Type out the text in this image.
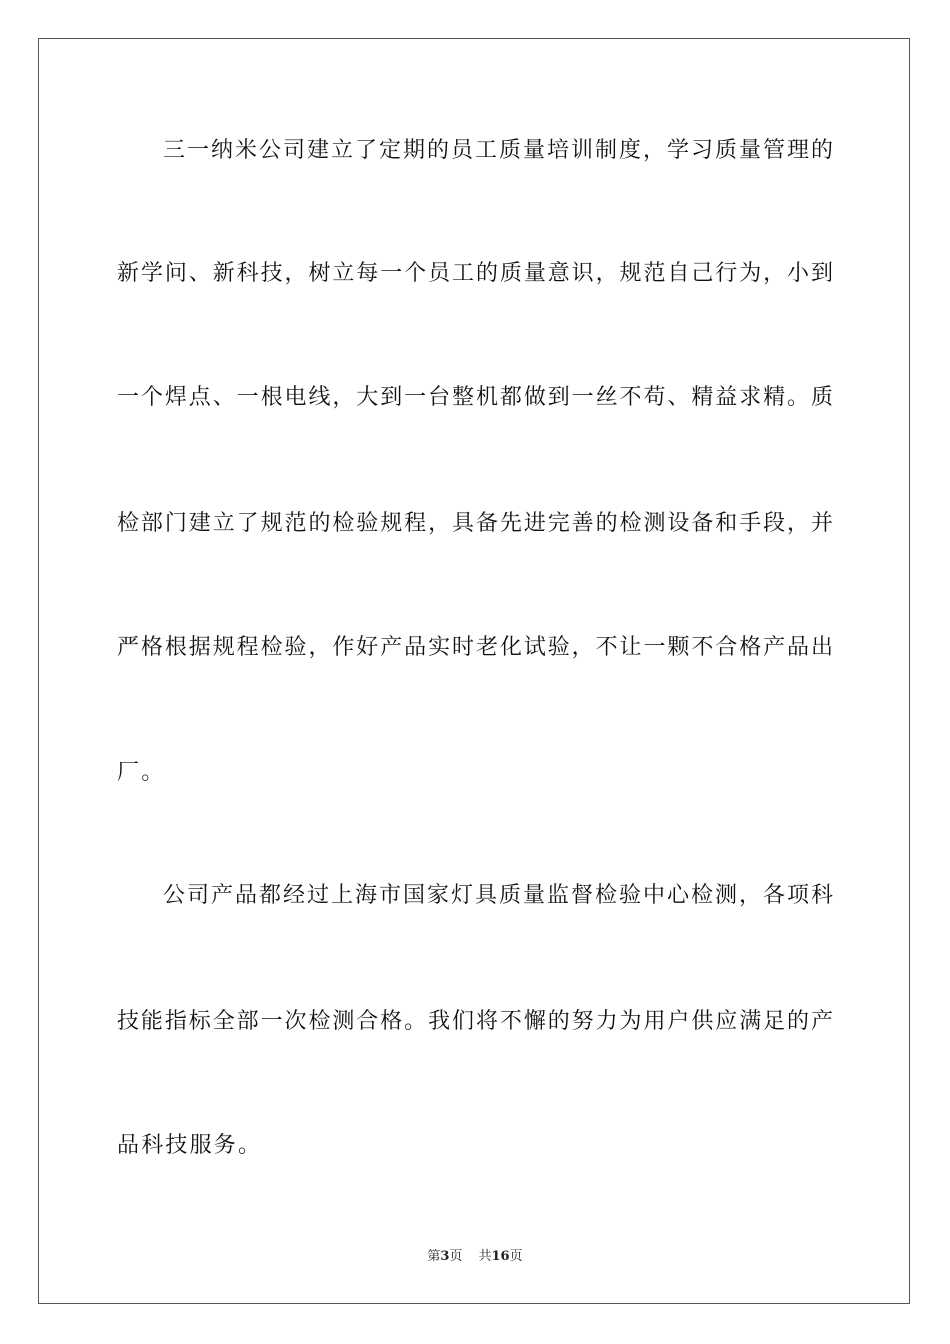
三一纳米公司建立了定期的员工质量培训制度，学习质量管理的
新学问、新科技，树立每一个员工的质量意识，规范自己行为，小到
一个焊点、一根电线，大到一台整机都做到一丝不苟、精益求精。质
检部门建立了规范的检验规程，具备先进完善的检测设备和手段，并
严格根据规程检验，作好产品实时老化试验，不让一颗不合格产品出
厂。
公司产品都经过上海市国家灯具质量监督检验中心检测，各项科
技能指标全部一次检测合格。我们将不懈的努力为用户供应满足的产
品科技服务。
第3页 共16页
